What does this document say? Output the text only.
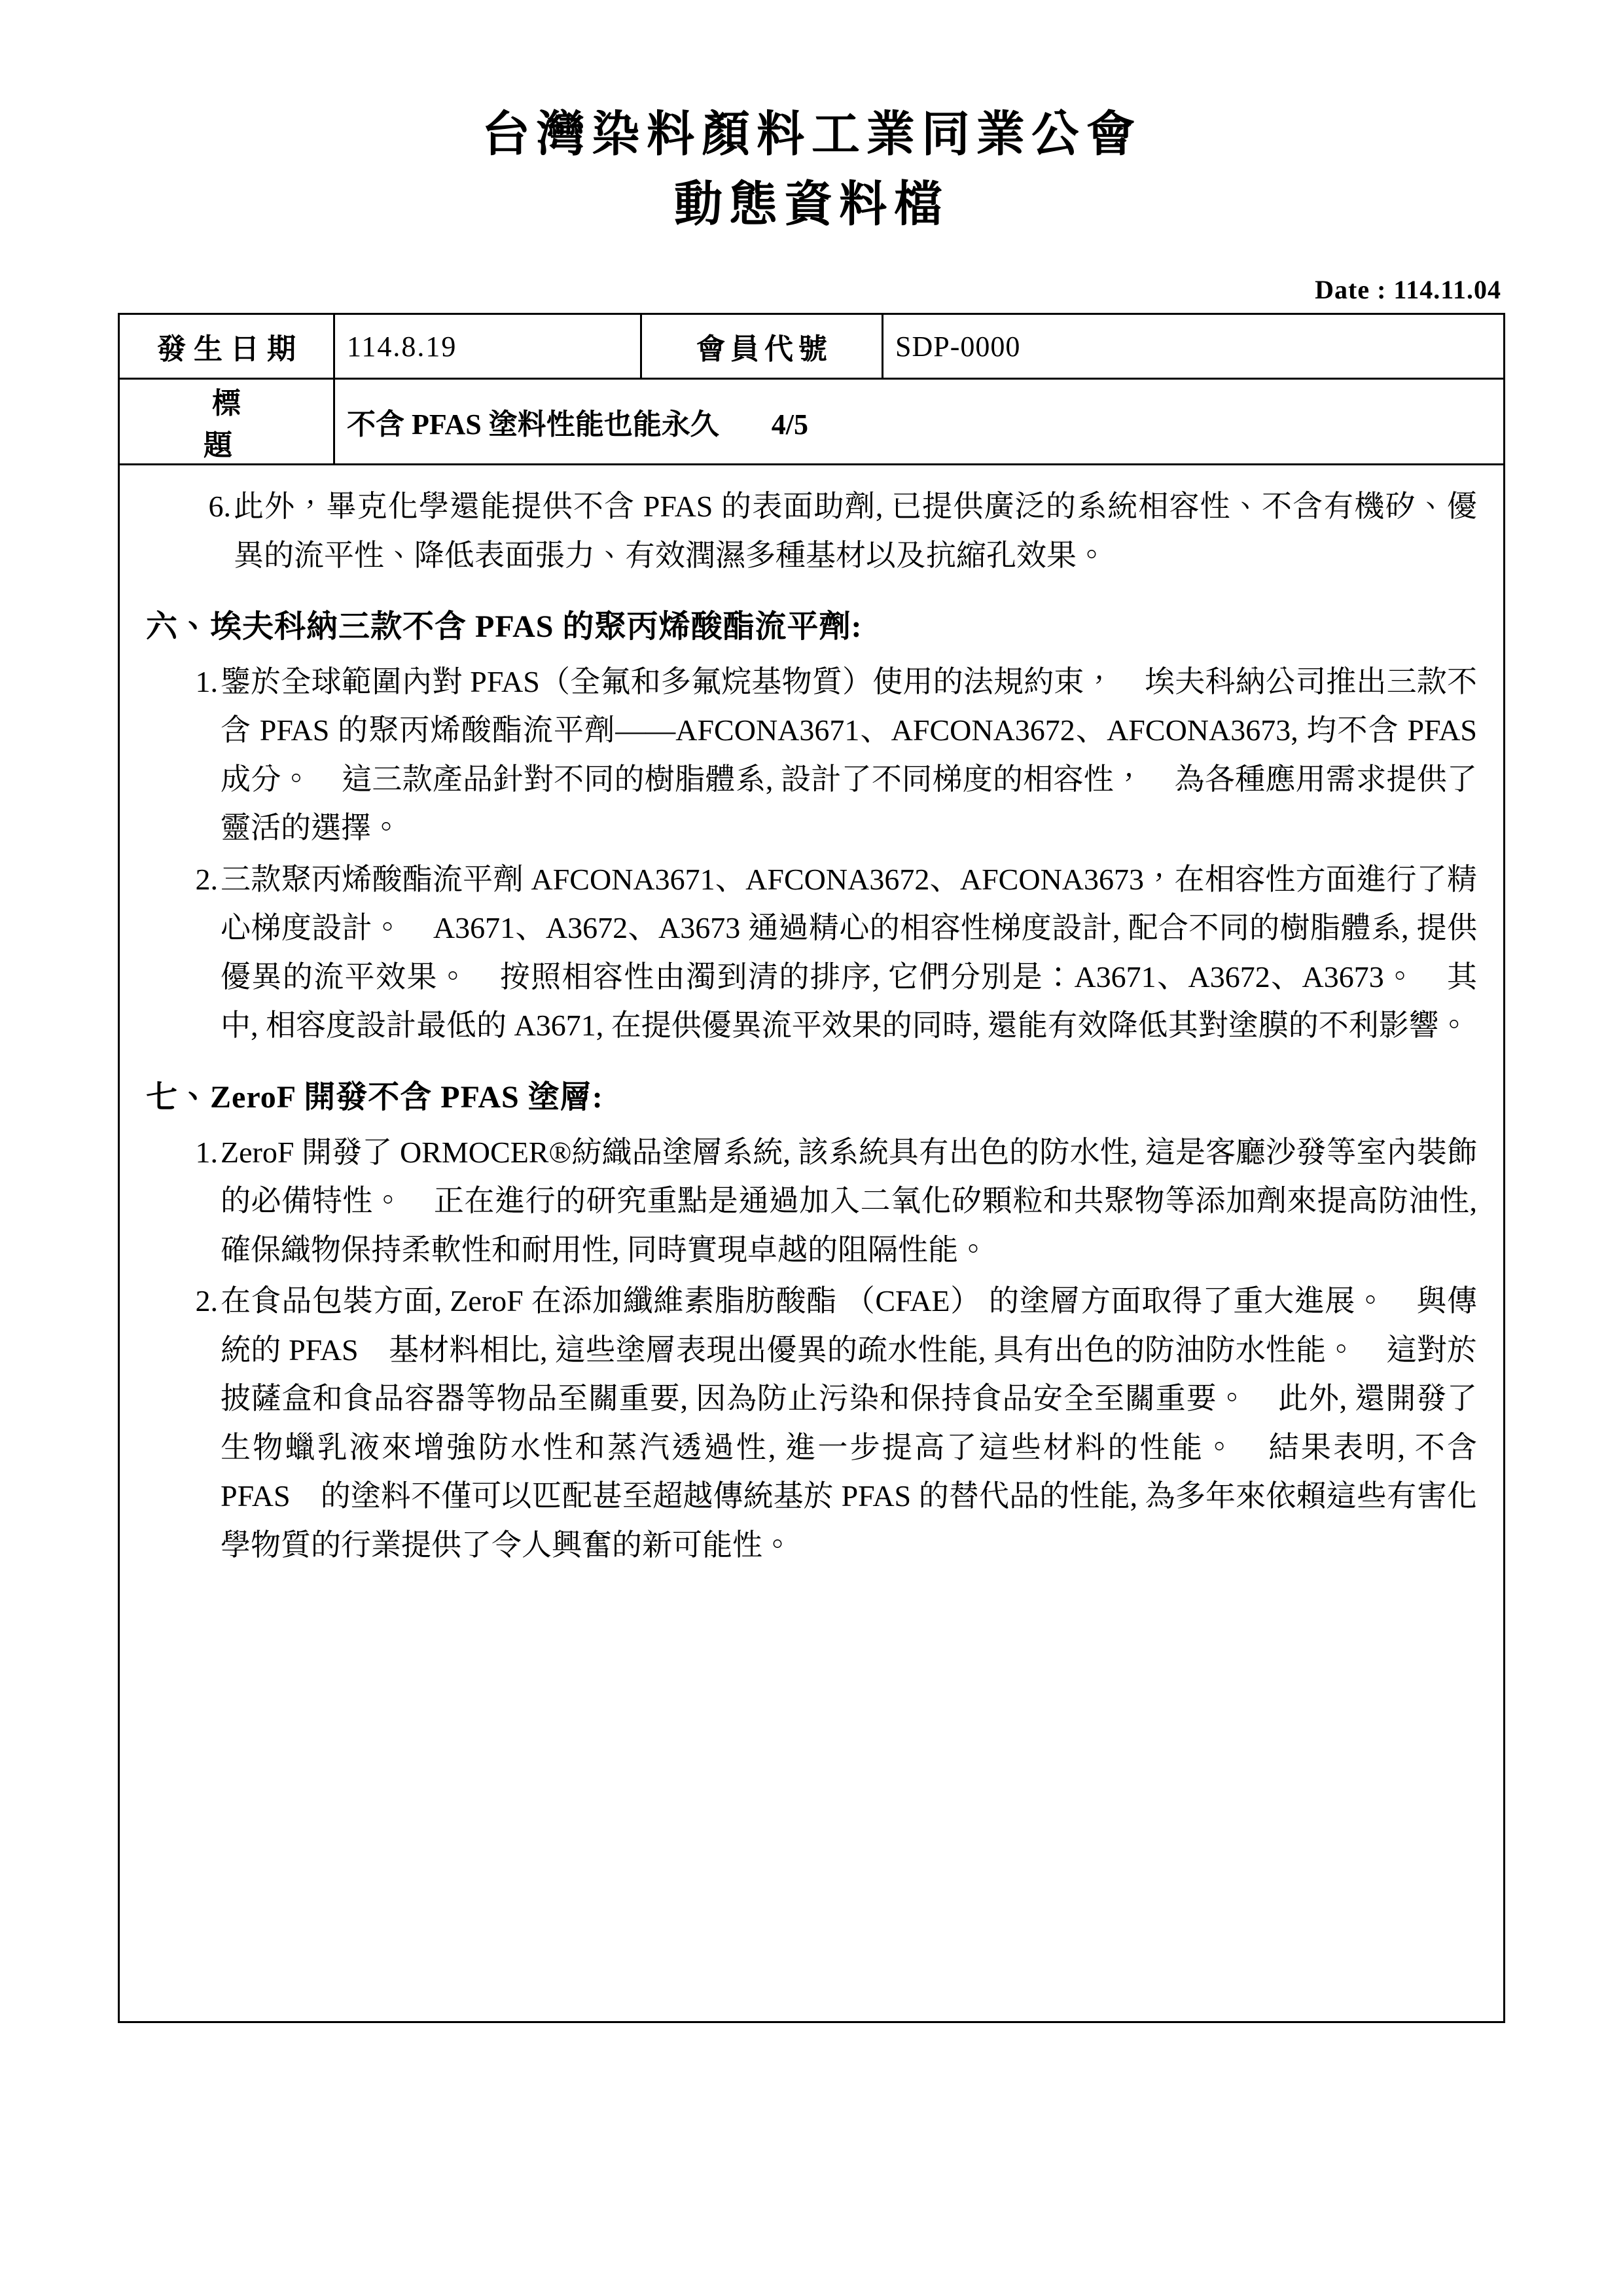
台灣染料顏料工業同業公會
動態資料檔
Date : 114.11.04
發生日期	114.8.19	會員代號	SDP-0000
標　　題	不含 PFAS 塗料性能也能永久 4/5		
6. 此外，畢克化學還能提供不含 PFAS 的表面助劑, 已提供廣泛的系統相容性、不含有機矽、優異的流平性、降低表面張力、有效潤濕多種基材以及抗縮孔效果。
六、埃夫科納三款不含 PFAS 的聚丙烯酸酯流平劑:
1. 鑒於全球範圍內對 PFAS（全氟和多氟烷基物質）使用的法規約束，　埃夫科納公司推出三款不含 PFAS 的聚丙烯酸酯流平劑——AFCONA3671、AFCONA3672、AFCONA3673, 均不含 PFAS 成分。　這三款產品針對不同的樹脂體系, 設計了不同梯度的相容性，　為各種應用需求提供了靈活的選擇。
2. 三款聚丙烯酸酯流平劑 AFCONA3671、AFCONA3672、AFCONA3673，在相容性方面進行了精心梯度設計。　A3671、A3672、A3673 通過精心的相容性梯度設計, 配合不同的樹脂體系, 提供優異的流平效果。　按照相容性由濁到清的排序, 它們分別是：A3671、A3672、A3673。　其中, 相容度設計最低的 A3671, 在提供優異流平效果的同時, 還能有效降低其對塗膜的不利影響。
七、ZeroF 開發不含 PFAS 塗層:
1. ZeroF 開發了 ORMOCER®紡織品塗層系統, 該系統具有出色的防水性, 這是客廳沙發等室內裝飾的必備特性。　正在進行的研究重點是通過加入二氧化矽顆粒和共聚物等添加劑來提高防油性, 確保織物保持柔軟性和耐用性, 同時實現卓越的阻隔性能。
2. 在食品包裝方面, ZeroF 在添加纖維素脂肪酸酯 （CFAE） 的塗層方面取得了重大進展。　與傳統的 PFAS　基材料相比, 這些塗層表現出優異的疏水性能, 具有出色的防油防水性能。　這對於披薩盒和食品容器等物品至關重要, 因為防止污染和保持食品安全至關重要。　此外, 還開發了生物蠟乳液來增強防水性和蒸汽透過性, 進一步提高了這些材料的性能。　結果表明, 不含　PFAS　的塗料不僅可以匹配甚至超越傳統基於 PFAS 的替代品的性能, 為多年來依賴這些有害化學物質的行業提供了令人興奮的新可能性。
